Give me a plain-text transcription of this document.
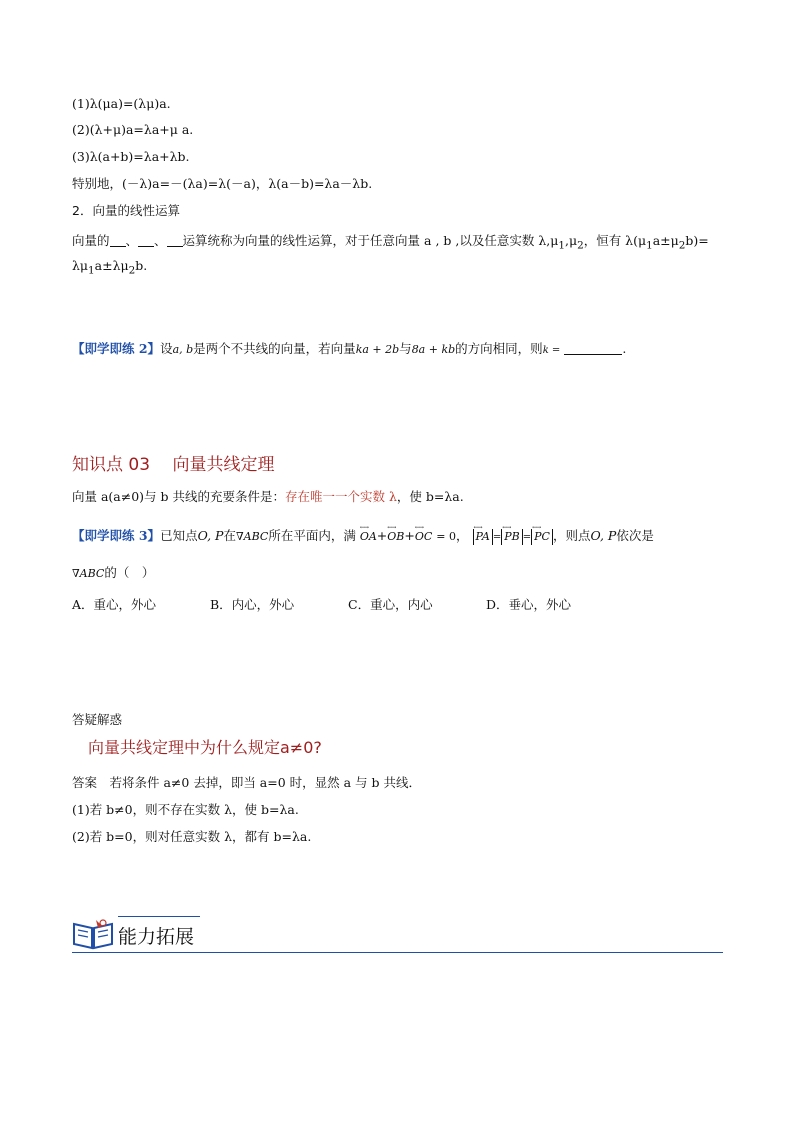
(1)λ(μa)=(λμ)a.
(2)(λ+μ)a=λa+μ a.
(3)λ(a+b)=λa+λb.
特别地，(－λ)a=－(λa)=λ(－a)，λ(a－b)=λa－λb.
2．向量的线性运算
向量的 、 、 运算统称为向量的线性运算，对于任意向量 a , b ,以及任意实数 $\lambda,\mu_1,\mu_2$，恒有 $\lambda(\mu_1a\pm\mu_2b)=$
$\lambda\mu_1a\pm\lambda\mu_2b$.
【即学即练 2】设a, b是两个不共线的向量，若向量ka + 2b与8a + kb的方向相同，则k =	.
知识点 03　 向量共线定理
向量 a(a≠0)与 b 共线的充要条件是：存在唯一一个实数 λ，使 b=λa.
【即学即练 3】已知点O, P在∇ABC所在平面内，满 ←→ OA+←→ OB+←→ OC = 0， ←→ PA = ←→ PB = ←→ PC ，则点O, P依次是
∇ABC的（　）
A．重心，外心	B．内心，外心	C．重心，内心	D．垂心，外心
答疑解惑
向量共线定理中为什么规定a≠0?
答案　若将条件 a≠0 去掉，即当 a=0 时，显然 a 与 b 共线．
(1)若 b≠0，则不存在实数 λ，使 b=λa.
(2)若 b=0，则对任意实数 λ，都有 b=λa.
能力拓展
